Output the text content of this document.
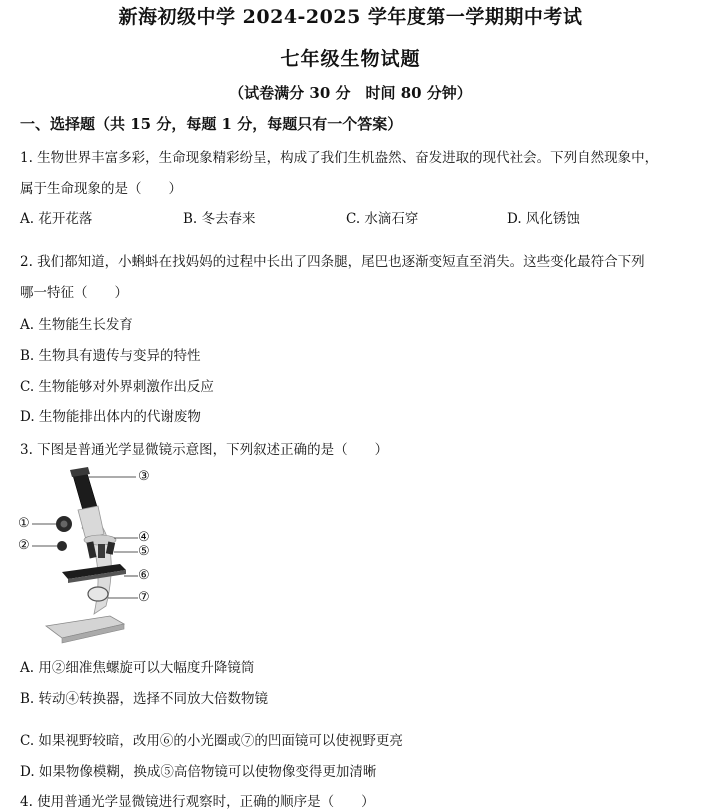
新海初级中学 2024-2025 学年度第一学期期中考试
七年级生物试题
（试卷满分 30 分　时间 80 分钟）
一、选择题（共 15 分，每题 1 分，每题只有一个答案）
1. 生物世界丰富多彩，生命现象精彩纷呈，构成了我们生机盎然、奋发进取的现代社会。下列自然现象中，
属于生命现象的是（　　）
A. 花开花落	B. 冬去春来	C. 水滴石穿	D. 风化锈蚀
2. 我们都知道，小蝌蚪在找妈妈的过程中长出了四条腿，尾巴也逐渐变短直至消失。这些变化最符合下列
哪一特征（　　）
A. 生物能生长发育
B. 生物具有遗传与变异的特性
C. 生物能够对外界刺激作出反应
D. 生物能排出体内的代谢废物
3. 下图是普通光学显微镜示意图，下列叙述正确的是（　　）
③
①
②
④
⑤
⑥
⑦
A. 用②细准焦螺旋可以大幅度升降镜筒
B. 转动④转换器，选择不同放大倍数物镜
C. 如果视野较暗，改用⑥的小光圈或⑦的凹面镜可以使视野更亮
D. 如果物像模糊，换成⑤高倍物镜可以使物像变得更加清晰
4. 使用普通光学显微镜进行观察时，正确的顺序是（　　）
